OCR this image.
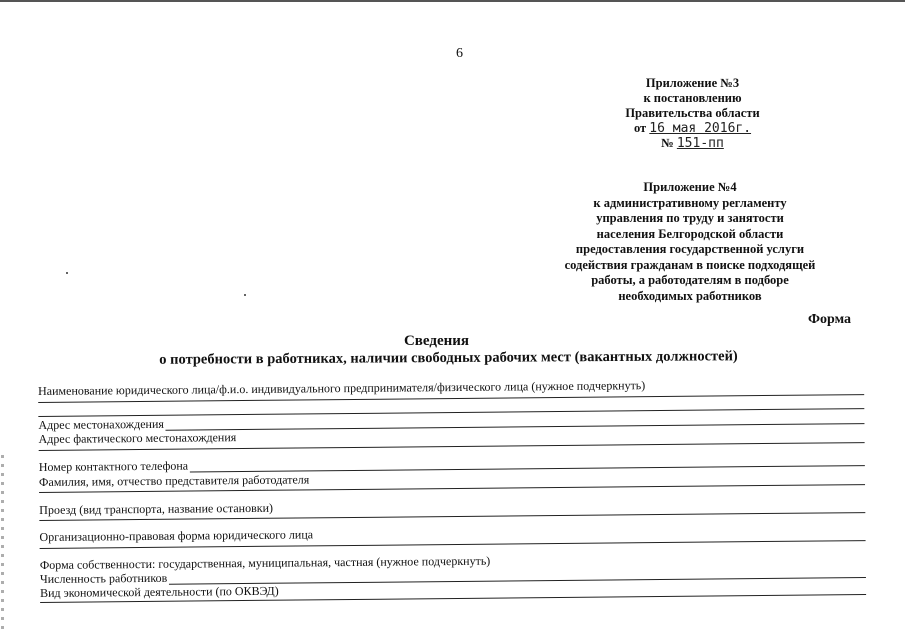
6
Приложение №3
к постановлению
Правительства области
от 16 мая 2016г.
№ 151-пп
Приложение №4
к административному регламенту
управления по труду и занятости
населения Белгородской области
предоставления государственной услуги
содействия гражданам в поиске подходящей
работы, а работодателям в подборе
необходимых работников
Форма
Сведения
о потребности в работниках, наличии свободных рабочих мест (вакантных должностей)
Наименование юридического лица/ф.и.о. индивидуального предпринимателя/физического лица (нужное подчеркнуть)
Адрес местонахождения
Адрес фактического местонахождения
Номер контактного телефона
Фамилия, имя, отчество представителя работодателя
Проезд (вид транспорта, название остановки)
Организационно-правовая форма юридического лица
Форма собственности: государственная, муниципальная, частная (нужное подчеркнуть)
Численность работников
Вид экономической деятельности (по ОКВЭД)
